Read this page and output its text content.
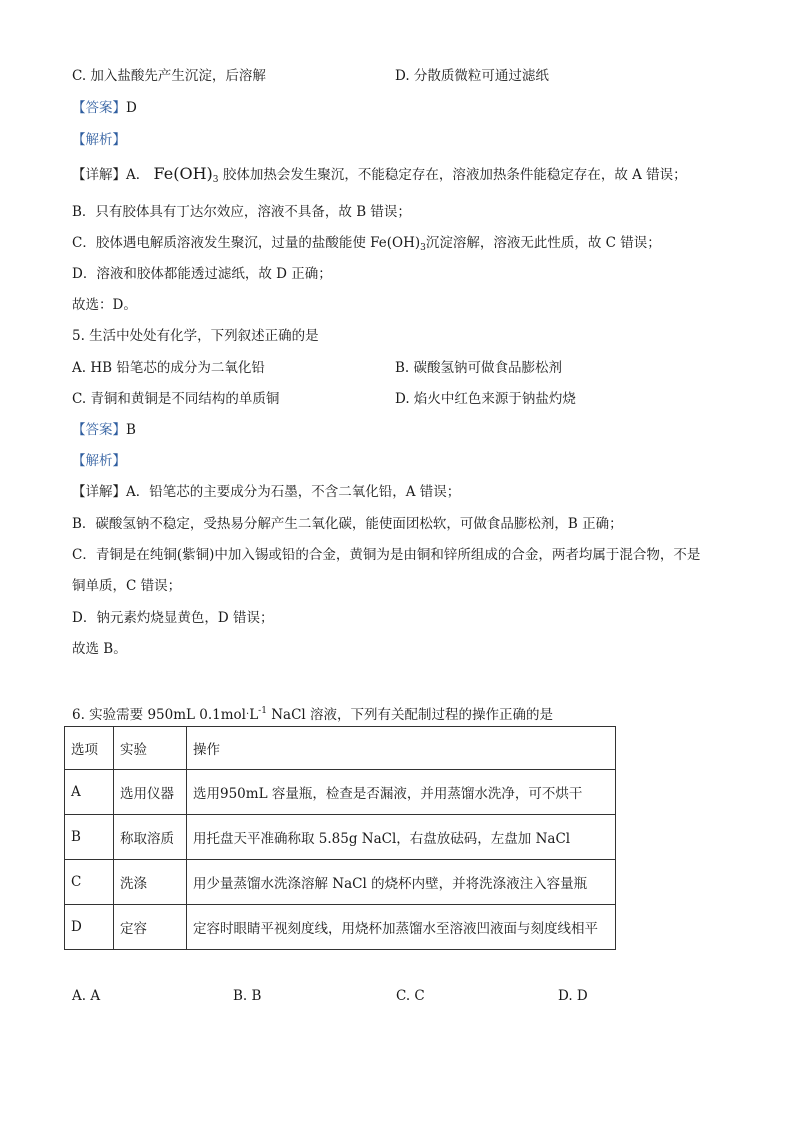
C. 加入盐酸先产生沉淀，后溶解	D. 分散质微粒可通过滤纸
【答案】D
【解析】
【详解】A． $Fe(OH)_3$ 胶体加热会发生聚沉，不能稳定存在，溶液加热条件能稳定存在，故 A 错误；
B．只有胶体具有丁达尔效应，溶液不具备，故 B 错误；
C．胶体遇电解质溶液发生聚沉，过量的盐酸能使 $Fe(OH)_3$沉淀溶解，溶液无此性质，故 C 错误；
D．溶液和胶体都能透过滤纸，故 D 正确；
故选：D。
5. 生活中处处有化学，下列叙述正确的是
A. HB 铅笔芯的成分为二氧化铅	B. 碳酸氢钠可做食品膨松剂
C. 青铜和黄铜是不同结构的单质铜	D. 焰火中红色来源于钠盐灼烧
【答案】B
【解析】
【详解】A．铅笔芯的主要成分为石墨，不含二氧化铅，A 错误；
B．碳酸氢钠不稳定，受热易分解产生二氧化碳，能使面团松软，可做食品膨松剂，B 正确；
C．青铜是在纯铜(紫铜)中加入锡或铅的合金，黄铜为是由铜和锌所组成的合金，两者均属于混合物，不是
铜单质，C 错误；
D．钠元素灼烧显黄色，D 错误；
故选 B。
6. 实验需要 950mL $0.1mol\cdot L^{-1}$ NaCl 溶液，下列有关配制过程的操作正确的是
选项	实验	操作
A	选用仪器	选用950mL 容量瓶，检查是否漏液，并用蒸馏水洗净，可不烘干
B	称取溶质	用托盘天平准确称取 5.85g NaCl，右盘放砝码，左盘加 NaCl
C	洗涤	用少量蒸馏水洗涤溶解 NaCl 的烧杯内壁，并将洗涤液注入容量瓶
D	定容	定容时眼睛平视刻度线，用烧杯加蒸馏水至溶液凹液面与刻度线相平
A. A	B. B	C. C	D. D
